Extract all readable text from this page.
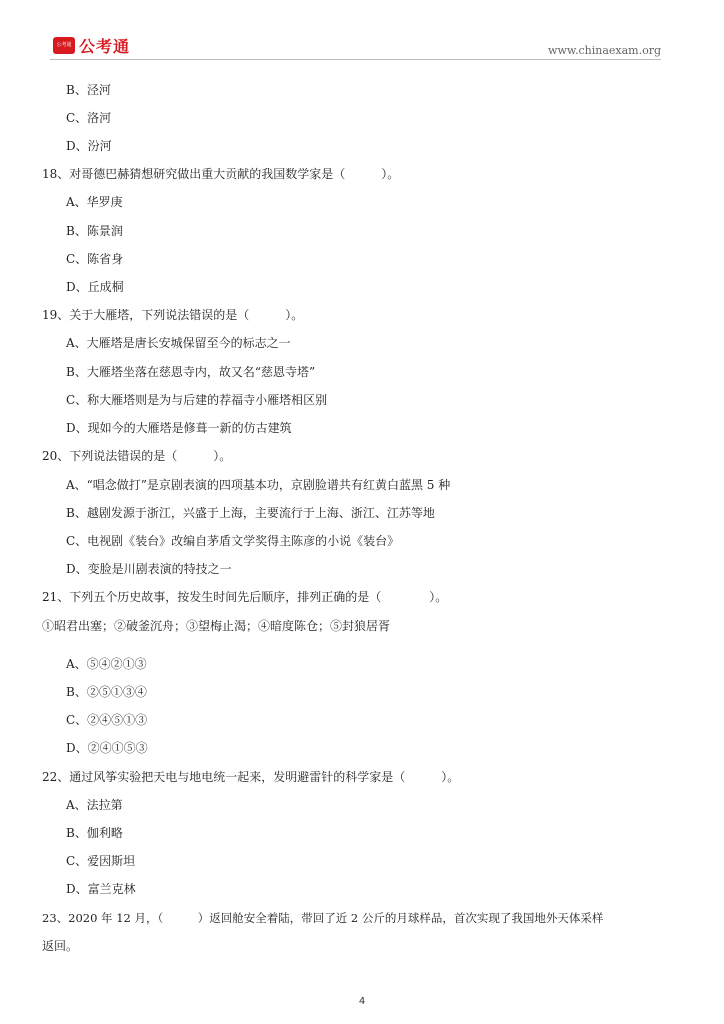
公考通 公考通	www.chinaexam.org
B、泾河
C、洛河
D、汾河
18、对哥德巴赫猜想研究做出重大贡献的我国数学家是（　　　）。
A、华罗庚
B、陈景润
C、陈省身
D、丘成桐
19、关于大雁塔，下列说法错误的是（　　　）。
A、大雁塔是唐长安城保留至今的标志之一
B、大雁塔坐落在慈恩寺内，故又名“慈恩寺塔”
C、称大雁塔则是为与后建的荐福寺小雁塔相区别
D、现如今的大雁塔是修葺一新的仿古建筑
20、下列说法错误的是（　　　）。
A、“唱念做打”是京剧表演的四项基本功，京剧脸谱共有红黄白蓝黑 5 种
B、越剧发源于浙江，兴盛于上海，主要流行于上海、浙江、江苏等地
C、电视剧《装台》改编自茅盾文学奖得主陈彦的小说《装台》
D、变脸是川剧表演的特技之一
21、下列五个历史故事，按发生时间先后顺序，排列正确的是（　　　　）。
①昭君出塞；②破釜沉舟；③望梅止渴；④暗度陈仓；⑤封狼居胥
A、⑤④②①③
B、②⑤①③④
C、②④⑤①③
D、②④①⑤③
22、通过风筝实验把天电与地电统一起来，发明避雷针的科学家是（　　　）。
A、法拉第
B、伽利略
C、爱因斯坦
D、富兰克林
23、2020 年 12 月，（　　　）返回舱安全着陆，带回了近 2 公斤的月球样品，首次实现了我国地外天体采样
返回。
4
